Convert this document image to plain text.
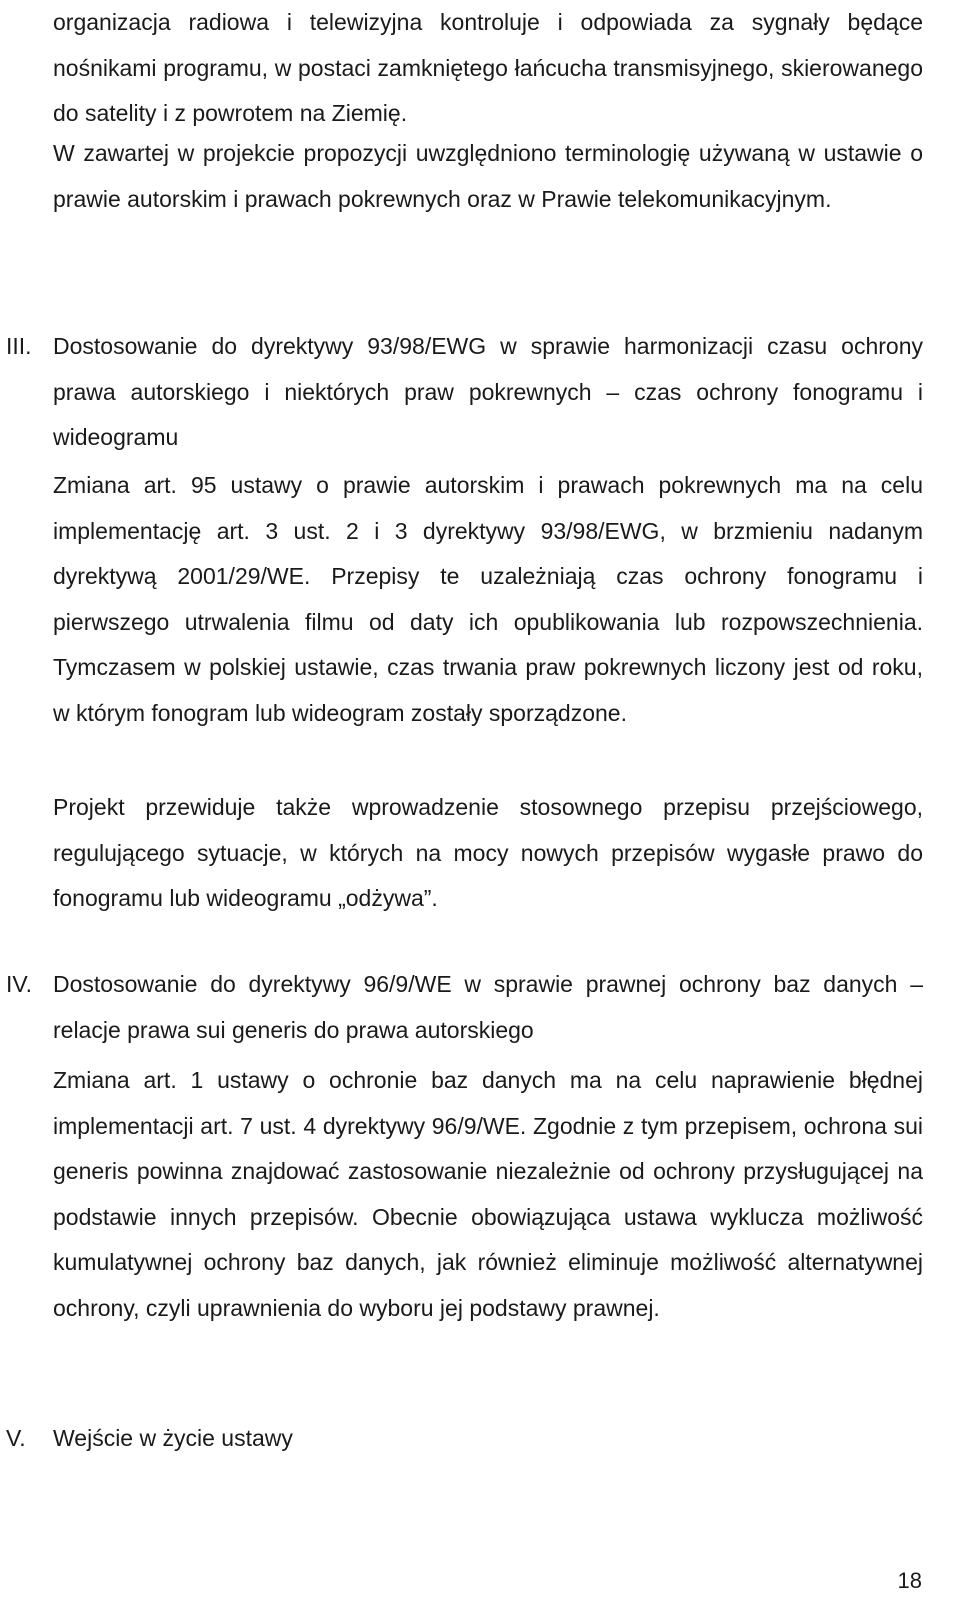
organizacja radiowa i telewizyjna kontroluje i odpowiada za sygnały będące nośnikami programu, w postaci zamkniętego łańcucha transmisyjnego, skierowanego do satelity i z powrotem na Ziemię.

W zawartej w projekcie propozycji uwzględniono terminologię używaną w ustawie o prawie autorskim i prawach pokrewnych oraz w Prawie telekomunikacyjnym.

III. Dostosowanie do dyrektywy 93/98/EWG w sprawie harmonizacji czasu ochrony prawa autorskiego i niektórych praw pokrewnych – czas ochrony fonogramu i wideogramu

Zmiana art. 95 ustawy o prawie autorskim i prawach pokrewnych ma na celu implementację art. 3 ust. 2 i 3 dyrektywy 93/98/EWG, w brzmieniu nadanym dyrektywą 2001/29/WE. Przepisy te uzależniają czas ochrony fonogramu i pierwszego utrwalenia filmu od daty ich opublikowania lub rozpowszechnienia. Tymczasem w polskiej ustawie, czas trwania praw pokrewnych liczony jest od roku, w którym fonogram lub wideogram zostały sporządzone.

Projekt przewiduje także wprowadzenie stosownego przepisu przejściowego, regulującego sytuacje, w których na mocy nowych przepisów wygasłe prawo do fonogramu lub wideogramu „odżywa”.

IV. Dostosowanie do dyrektywy 96/9/WE w sprawie prawnej ochrony baz danych – relacje prawa sui generis do prawa autorskiego

Zmiana art. 1 ustawy o ochronie baz danych ma na celu naprawienie błędnej implementacji art. 7 ust. 4 dyrektywy 96/9/WE. Zgodnie z tym przepisem, ochrona sui generis powinna znajdować zastosowanie niezależnie od ochrony przysługującej na podstawie innych przepisów. Obecnie obowiązująca ustawa wyklucza możliwość kumulatywnej ochrony baz danych, jak również eliminuje możliwość alternatywnej ochrony, czyli uprawnienia do wyboru jej podstawy prawnej.

V. Wejście w życie ustawy

18
